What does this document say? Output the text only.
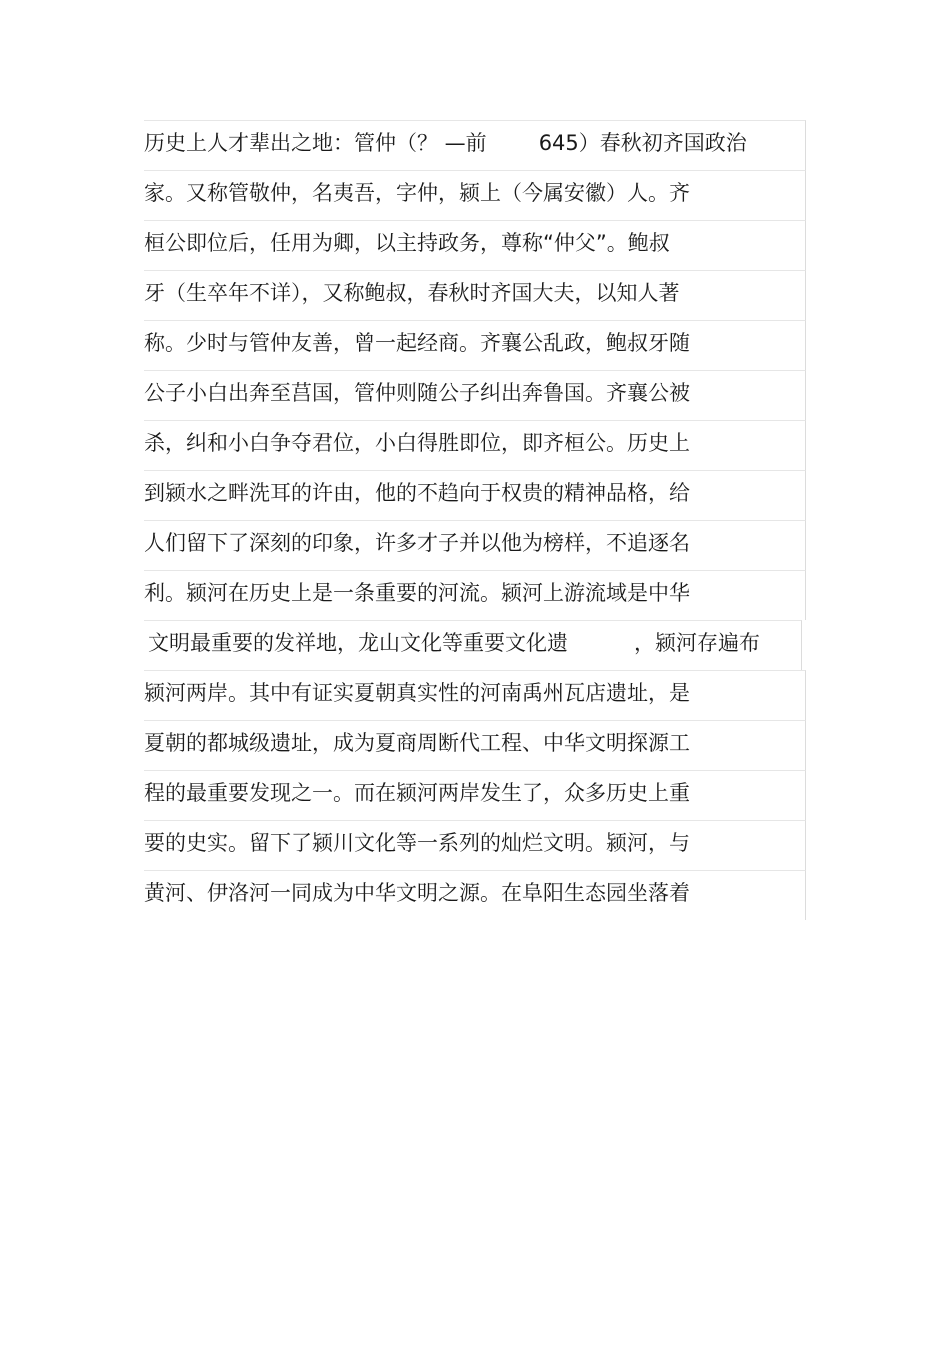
历史上人才辈出之地：管仲（？ —前 645）春秋初齐国政治
家。又称管敬仲，名夷吾，字仲，颍上（今属安徽）人。齐
桓公即位后，任用为卿，以主持政务，尊称“仲父”。鲍叔
牙（生卒年不详），又称鲍叔，春秋时齐国大夫，以知人著
称。少时与管仲友善，曾一起经商。齐襄公乱政，鲍叔牙随
公子小白出奔至莒国，管仲则随公子纠出奔鲁国。齐襄公被
杀，纠和小白争夺君位，小白得胜即位，即齐桓公。历史上
到颍水之畔洗耳的许由，他的不趋向于权贵的精神品格，给
人们留下了深刻的印象，许多才子并以他为榜样，不追逐名
利。颍河在历史上是一条重要的河流。颍河上游流域是中华
文明最重要的发祥地，龙山文化等重要文化遗	，颍河存遍布
颍河两岸。其中有证实夏朝真实性的河南禹州瓦店遗址，是
夏朝的都城级遗址，成为夏商周断代工程、中华文明探源工
程的最重要发现之一。而在颍河两岸发生了，众多历史上重
要的史实。留下了颍川文化等一系列的灿烂文明。颍河，与
黄河、伊洛河一同成为中华文明之源。在阜阳生态园坐落着
